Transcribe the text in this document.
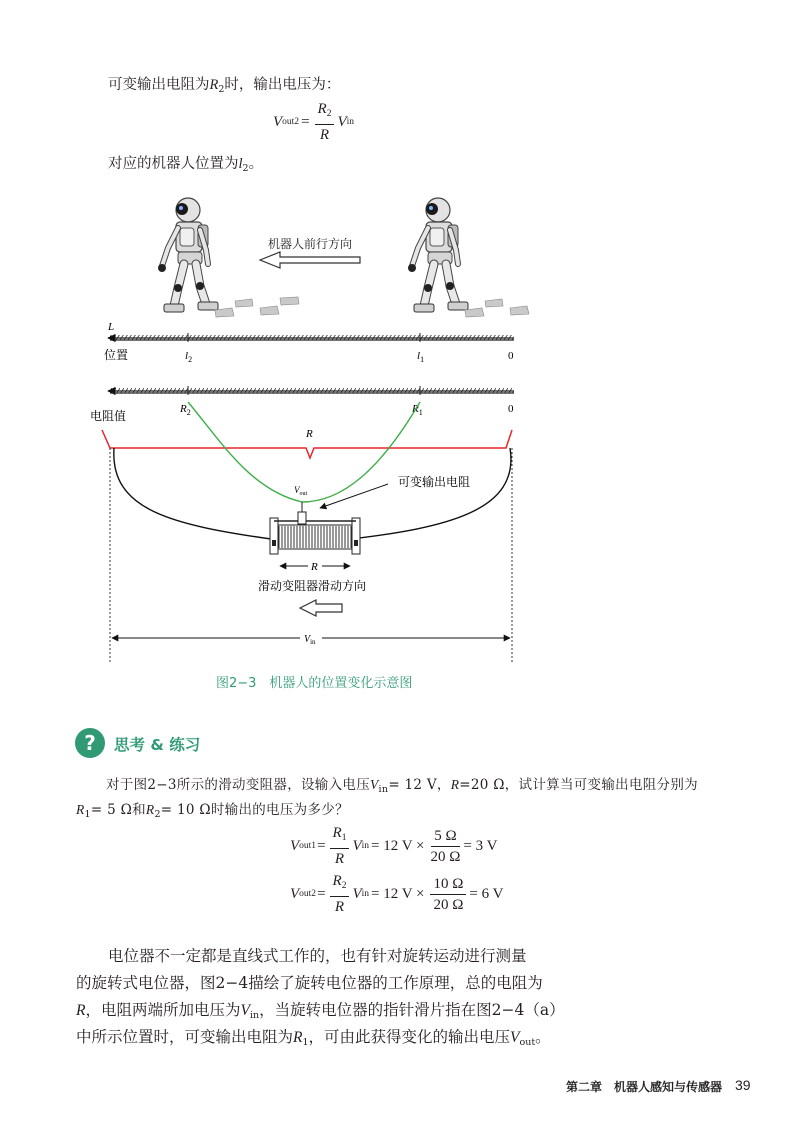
可变输出电阻为$R_2$时，输出电压为：
V $out2 = \frac{R_2}{R}$ V in
对应的机器人位置为$l_2$。
机器人前行方向
L
位置	$l_2$	$l_1$	0
$R_2$	$R_1$	0
电阻值
R
$V_{out}$
可变输出电阻
R
滑动变阻器滑动方向
$V_{in}$
图2−3　机器人的位置变化示意图
?	思考 & 练习
对于图2−3所示的滑动变阻器，设输入电压$V_{in}= 12$ V，R=20 Ω，试计算当可变输出电阻分别为
$R_1= 5$ Ω和$R_2= 10$ Ω时输出的电压为多少？
V $out1 = \frac{R_1}{R}$ V in = 12 $V \times \frac{5 \Omega}{20 \Omega} = 3$ V
V $out2 = \frac{R_2}{R}$ V in = 12 $V \times \frac{10 \Omega}{20 \Omega} = 6$ V
电位器不一定都是直线式工作的，也有针对旋转运动进行测量
的旋转式电位器，图2−4描绘了旋转电位器的工作原理，总的电阻为
R，电阻两端所加电压为$V_{in}$，当旋转电位器的指针滑片指在图2−4（a）
中所示位置时，可变输出电阻为$R_1$，可由此获得变化的输出电压$V_{out}$。
第二章　机器人感知与传感器 39
